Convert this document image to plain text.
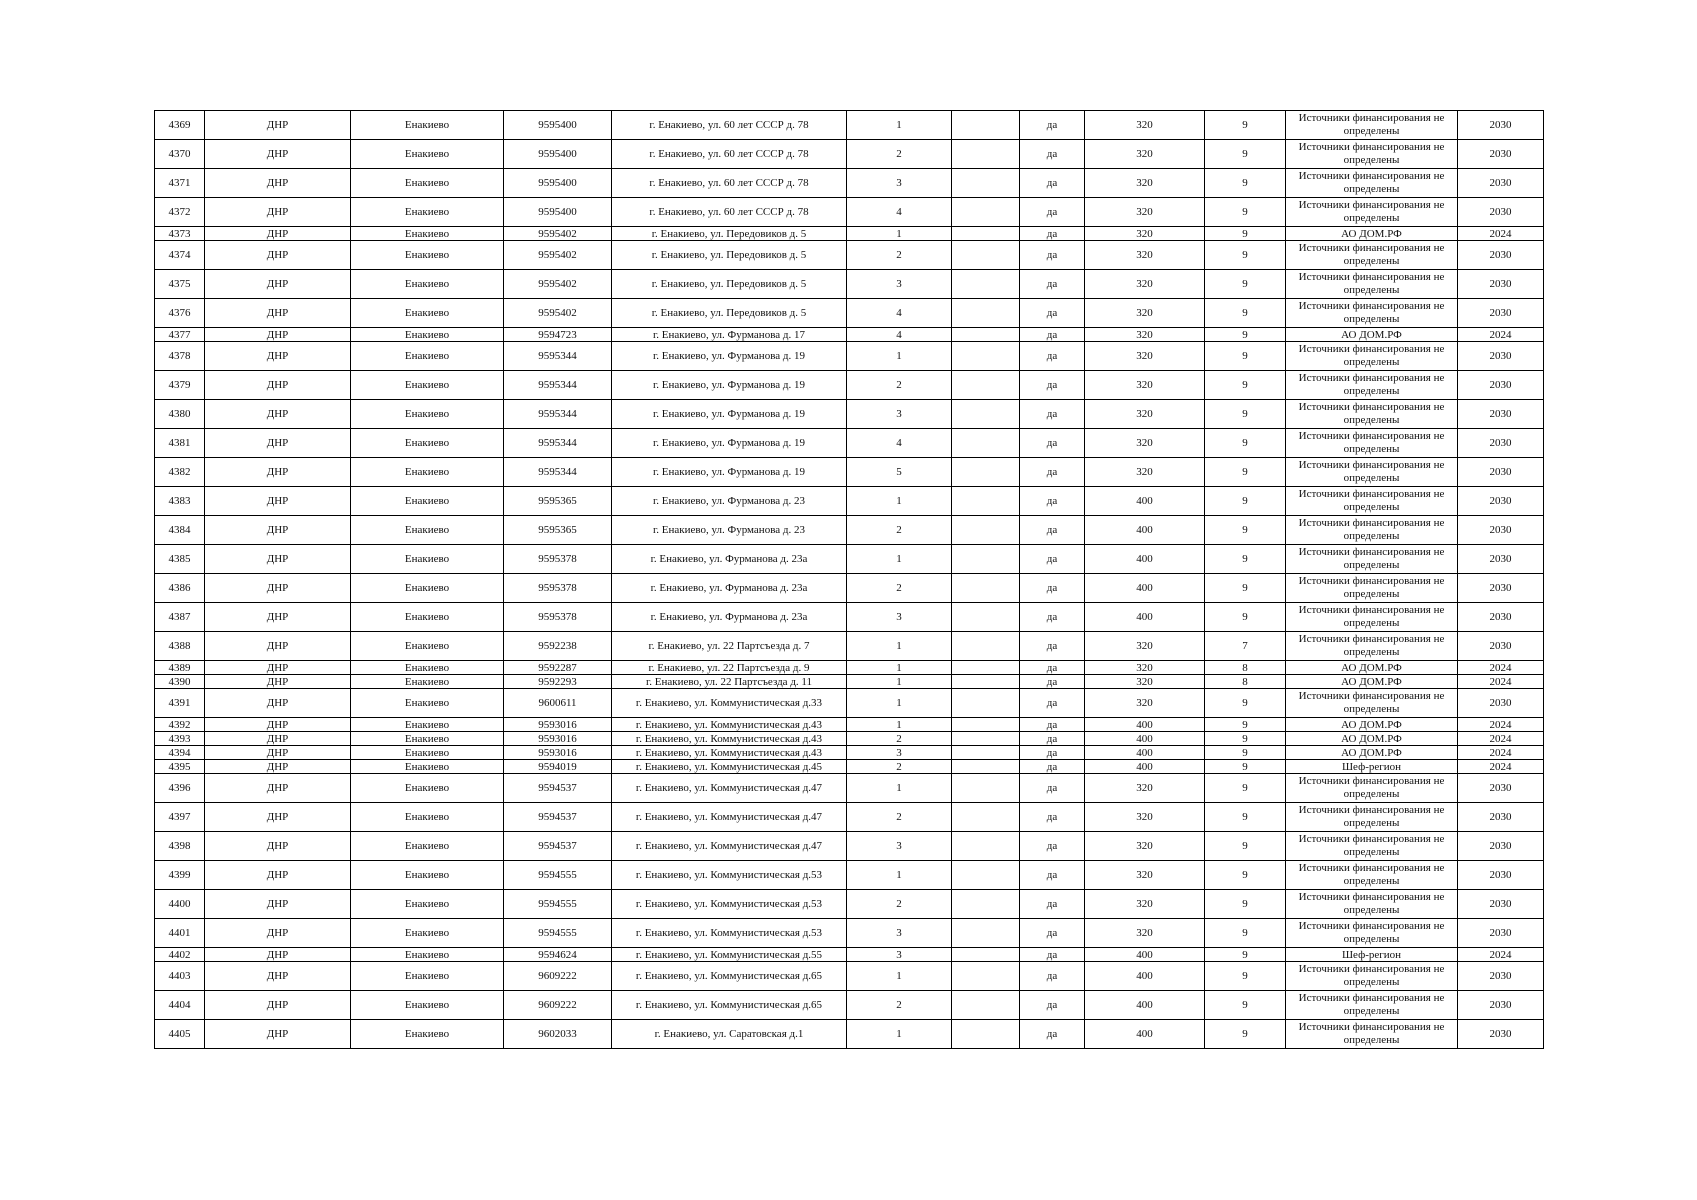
4369	ДНР	Енакиево	9595400	г. Енакиево, ул. 60 лет СССР д. 78	1		да	320	9	Источники финансирования не определены	2030
4370	ДНР	Енакиево	9595400	г. Енакиево, ул. 60 лет СССР д. 78	2		да	320	9	Источники финансирования не определены	2030
4371	ДНР	Енакиево	9595400	г. Енакиево, ул. 60 лет СССР д. 78	3		да	320	9	Источники финансирования не определены	2030
4372	ДНР	Енакиево	9595400	г. Енакиево, ул. 60 лет СССР д. 78	4		да	320	9	Источники финансирования не определены	2030
4373	ДНР	Енакиево	9595402	г. Енакиево, ул. Передовиков д. 5	1		да	320	9	АО ДОМ.РФ	2024
4374	ДНР	Енакиево	9595402	г. Енакиево, ул. Передовиков д. 5	2		да	320	9	Источники финансирования не определены	2030
4375	ДНР	Енакиево	9595402	г. Енакиево, ул. Передовиков д. 5	3		да	320	9	Источники финансирования не определены	2030
4376	ДНР	Енакиево	9595402	г. Енакиево, ул. Передовиков д. 5	4		да	320	9	Источники финансирования не определены	2030
4377	ДНР	Енакиево	9594723	г. Енакиево, ул. Фурманова д. 17	4		да	320	9	АО ДОМ.РФ	2024
4378	ДНР	Енакиево	9595344	г. Енакиево, ул. Фурманова д. 19	1		да	320	9	Источники финансирования не определены	2030
4379	ДНР	Енакиево	9595344	г. Енакиево, ул. Фурманова д. 19	2		да	320	9	Источники финансирования не определены	2030
4380	ДНР	Енакиево	9595344	г. Енакиево, ул. Фурманова д. 19	3		да	320	9	Источники финансирования не определены	2030
4381	ДНР	Енакиево	9595344	г. Енакиево, ул. Фурманова д. 19	4		да	320	9	Источники финансирования не определены	2030
4382	ДНР	Енакиево	9595344	г. Енакиево, ул. Фурманова д. 19	5		да	320	9	Источники финансирования не определены	2030
4383	ДНР	Енакиево	9595365	г. Енакиево, ул. Фурманова д. 23	1		да	400	9	Источники финансирования не определены	2030
4384	ДНР	Енакиево	9595365	г. Енакиево, ул. Фурманова д. 23	2		да	400	9	Источники финансирования не определены	2030
4385	ДНР	Енакиево	9595378	г. Енакиево, ул. Фурманова д. 23а	1		да	400	9	Источники финансирования не определены	2030
4386	ДНР	Енакиево	9595378	г. Енакиево, ул. Фурманова д. 23а	2		да	400	9	Источники финансирования не определены	2030
4387	ДНР	Енакиево	9595378	г. Енакиево, ул. Фурманова д. 23а	3		да	400	9	Источники финансирования не определены	2030
4388	ДНР	Енакиево	9592238	г. Енакиево, ул. 22 Партсъезда д. 7	1		да	320	7	Источники финансирования не определены	2030
4389	ДНР	Енакиево	9592287	г. Енакиево, ул. 22 Партсъезда д. 9	1		да	320	8	АО ДОМ.РФ	2024
4390	ДНР	Енакиево	9592293	г. Енакиево, ул. 22 Партсъезда д. 11	1		да	320	8	АО ДОМ.РФ	2024
4391	ДНР	Енакиево	9600611	г. Енакиево, ул. Коммунистическая д.33	1		да	320	9	Источники финансирования не определены	2030
4392	ДНР	Енакиево	9593016	г. Енакиево, ул. Коммунистическая д.43	1		да	400	9	АО ДОМ.РФ	2024
4393	ДНР	Енакиево	9593016	г. Енакиево, ул. Коммунистическая д.43	2		да	400	9	АО ДОМ.РФ	2024
4394	ДНР	Енакиево	9593016	г. Енакиево, ул. Коммунистическая д.43	3		да	400	9	АО ДОМ.РФ	2024
4395	ДНР	Енакиево	9594019	г. Енакиево, ул. Коммунистическая д.45	2		да	400	9	Шеф-регион	2024
4396	ДНР	Енакиево	9594537	г. Енакиево, ул. Коммунистическая д.47	1		да	320	9	Источники финансирования не определены	2030
4397	ДНР	Енакиево	9594537	г. Енакиево, ул. Коммунистическая д.47	2		да	320	9	Источники финансирования не определены	2030
4398	ДНР	Енакиево	9594537	г. Енакиево, ул. Коммунистическая д.47	3		да	320	9	Источники финансирования не определены	2030
4399	ДНР	Енакиево	9594555	г. Енакиево, ул. Коммунистическая д.53	1		да	320	9	Источники финансирования не определены	2030
4400	ДНР	Енакиево	9594555	г. Енакиево, ул. Коммунистическая д.53	2		да	320	9	Источники финансирования не определены	2030
4401	ДНР	Енакиево	9594555	г. Енакиево, ул. Коммунистическая д.53	3		да	320	9	Источники финансирования не определены	2030
4402	ДНР	Енакиево	9594624	г. Енакиево, ул. Коммунистическая д.55	3		да	400	9	Шеф-регион	2024
4403	ДНР	Енакиево	9609222	г. Енакиево, ул. Коммунистическая д.65	1		да	400	9	Источники финансирования не определены	2030
4404	ДНР	Енакиево	9609222	г. Енакиево, ул. Коммунистическая д.65	2		да	400	9	Источники финансирования не определены	2030
4405	ДНР	Енакиево	9602033	г. Енакиево, ул. Саратовская д.1	1		да	400	9	Источники финансирования не определены	2030
